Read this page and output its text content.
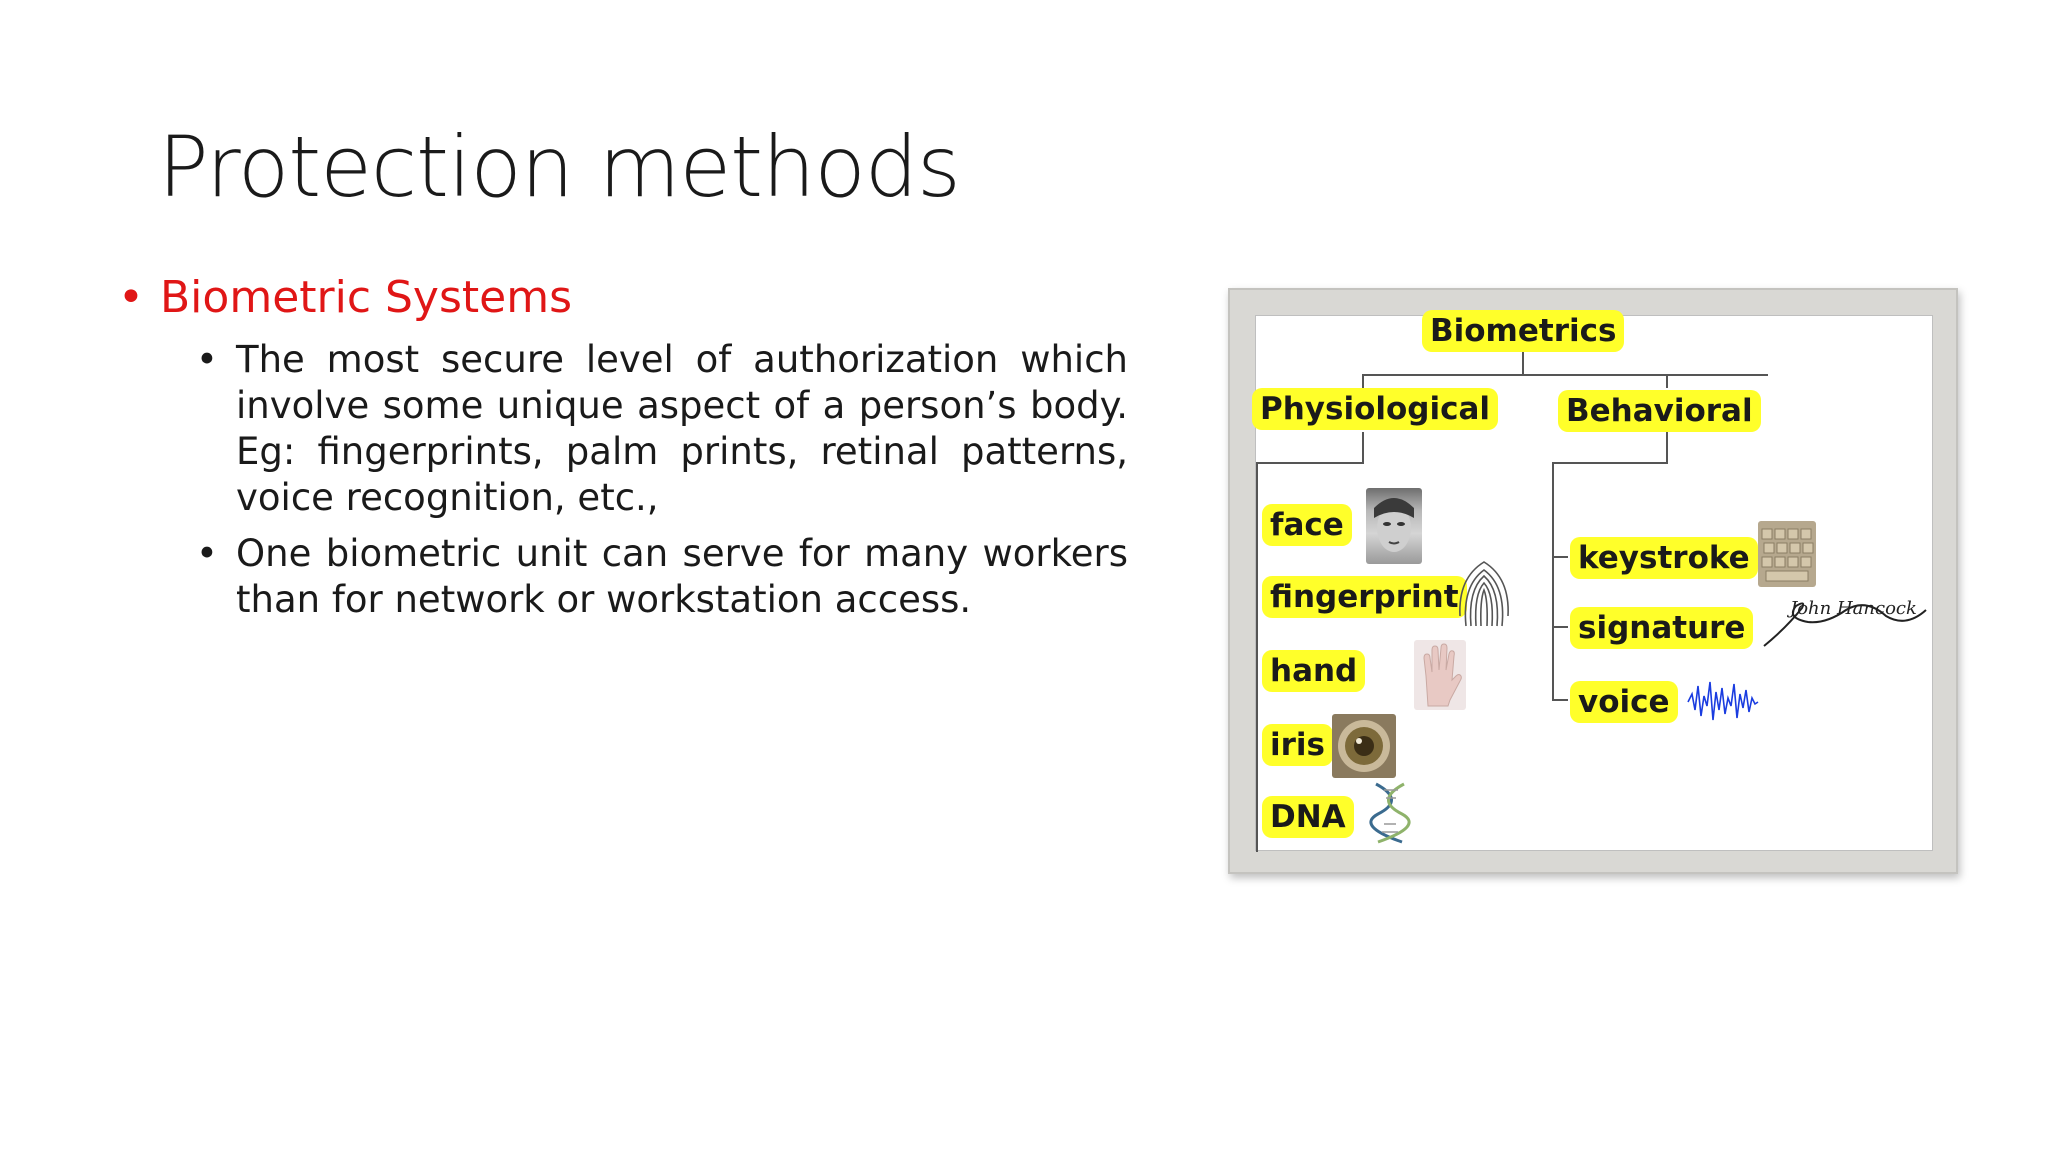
Protection methods
• Biometric Systems
• The most secure level of authorization which involve some unique aspect of a person’s body. Eg: fingerprints, palm prints, retinal patterns, voice recognition, etc.,
• One biometric unit can serve for many workers than for network or workstation access.
Biometrics
Physiological Behavioral
face
fingerprint
hand
iris
DNA
keystroke
signature
voice
John Hancock
